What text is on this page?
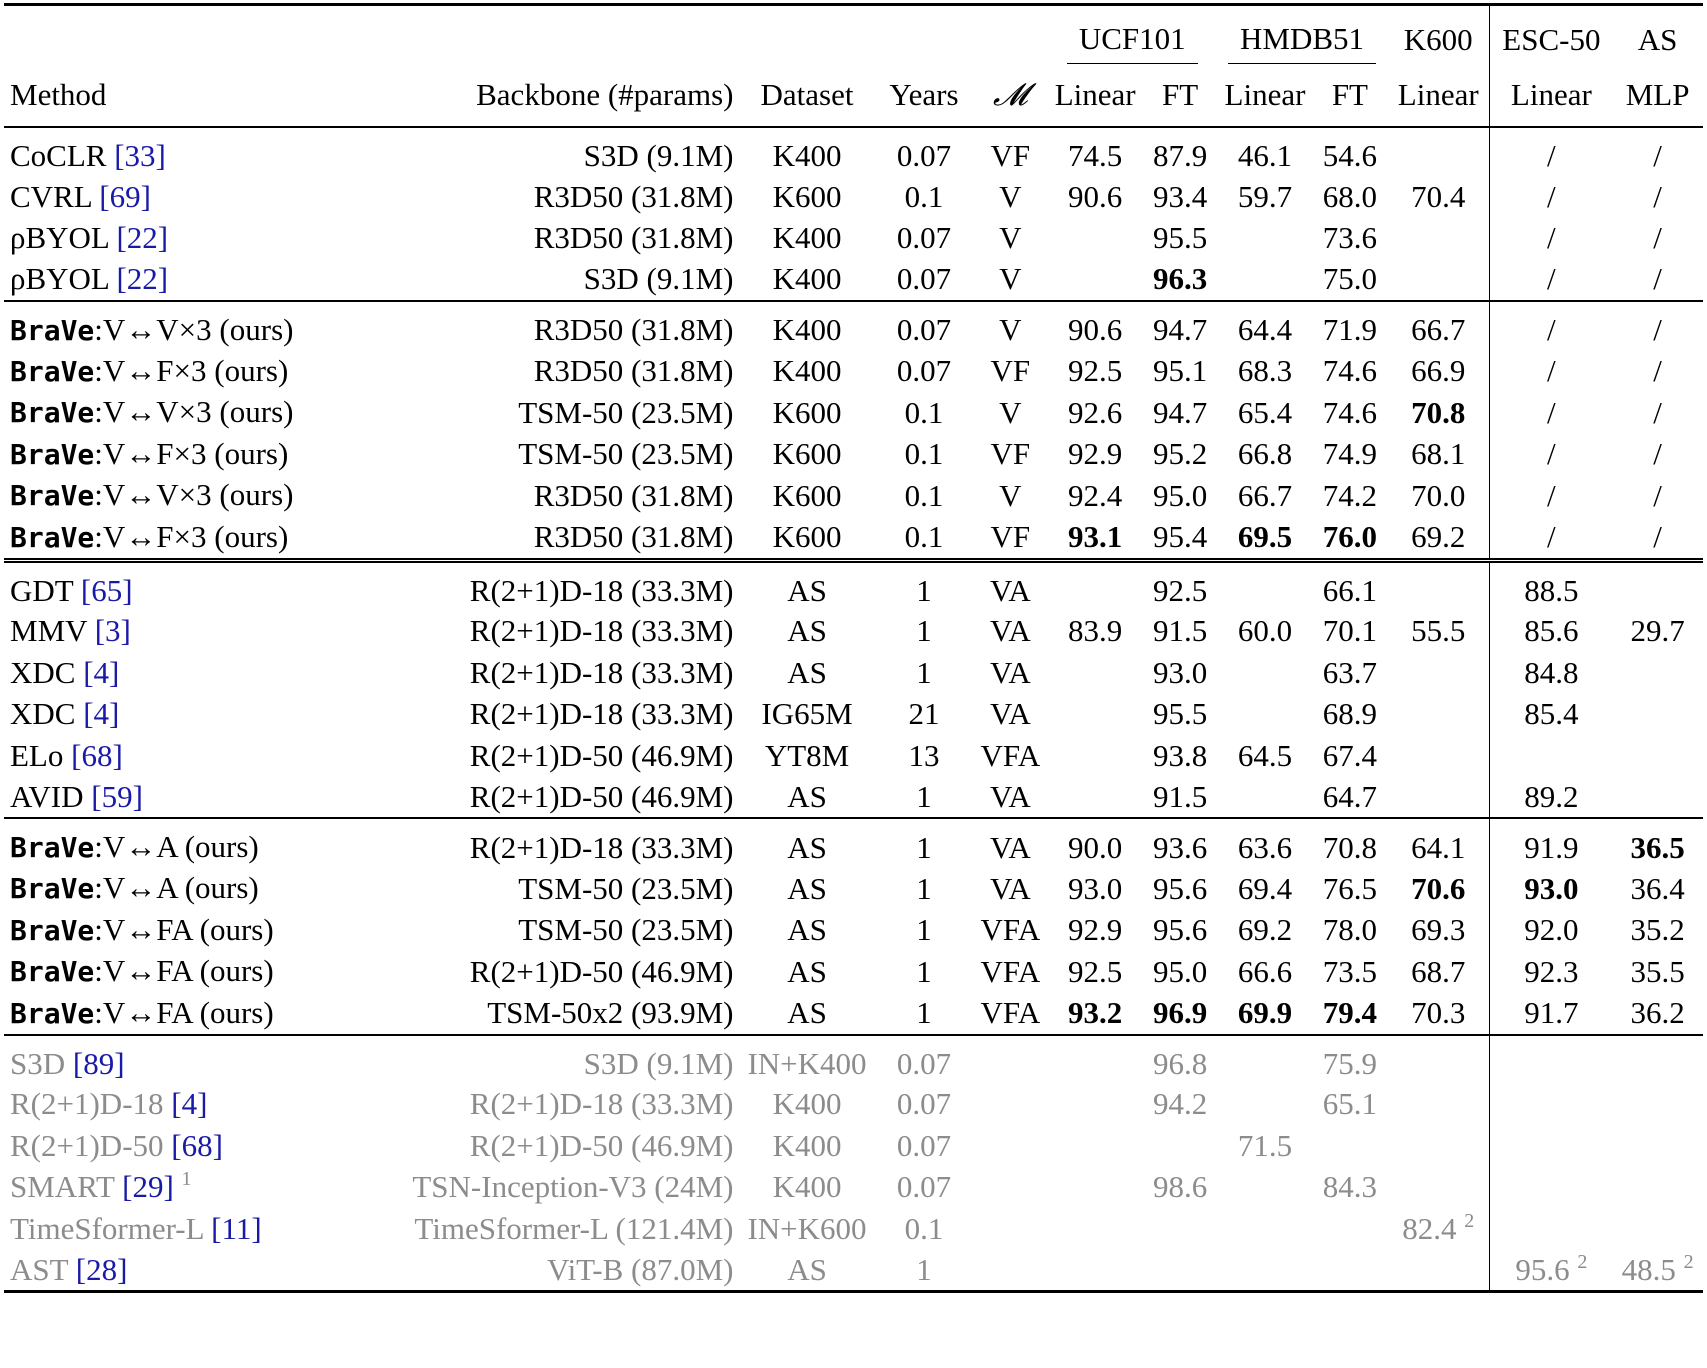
					UCF101		HMDB51		K600	ESC-50	AS
Method	Backbone (#params)	Dataset	Years	𝓜	Linear	FT	Linear	FT	Linear	Linear	MLP
CoCLR [33]	S3D (9.1M)	K400	0.07	VF	74.5	87.9	46.1	54.6		/	/
CVRL [69]	R3D50 (31.8M)	K600	0.1	V	90.6	93.4	59.7	68.0	70.4	/	/
ρBYOL [22]	R3D50 (31.8M)	K400	0.07	V		95.5		73.6		/	/
ρBYOL [22]	S3D (9.1M)	K400	0.07	V		96.3		75.0		/	/
BraVe:V↔V×3 (ours)	R3D50 (31.8M)	K400	0.07	V	90.6	94.7	64.4	71.9	66.7	/	/
BraVe:V↔F×3 (ours)	R3D50 (31.8M)	K400	0.07	VF	92.5	95.1	68.3	74.6	66.9	/	/
BraVe:V↔V×3 (ours)	TSM-50 (23.5M)	K600	0.1	V	92.6	94.7	65.4	74.6	70.8	/	/
BraVe:V↔F×3 (ours)	TSM-50 (23.5M)	K600	0.1	VF	92.9	95.2	66.8	74.9	68.1	/	/
BraVe:V↔V×3 (ours)	R3D50 (31.8M)	K600	0.1	V	92.4	95.0	66.7	74.2	70.0	/	/
BraVe:V↔F×3 (ours)	R3D50 (31.8M)	K600	0.1	VF	93.1	95.4	69.5	76.0	69.2	/	/
GDT [65]	R(2+1)D-18 (33.3M)	AS	1	VA		92.5		66.1		88.5	
MMV [3]	R(2+1)D-18 (33.3M)	AS	1	VA	83.9	91.5	60.0	70.1	55.5	85.6	29.7
XDC [4]	R(2+1)D-18 (33.3M)	AS	1	VA		93.0		63.7		84.8	
XDC [4]	R(2+1)D-18 (33.3M)	IG65M	21	VA		95.5		68.9		85.4	
ELo [68]	R(2+1)D-50 (46.9M)	YT8M	13	VFA		93.8	64.5	67.4			
AVID [59]	R(2+1)D-50 (46.9M)	AS	1	VA		91.5		64.7		89.2	
BraVe:V↔A (ours)	R(2+1)D-18 (33.3M)	AS	1	VA	90.0	93.6	63.6	70.8	64.1	91.9	36.5
BraVe:V↔A (ours)	TSM-50 (23.5M)	AS	1	VA	93.0	95.6	69.4	76.5	70.6	93.0	36.4
BraVe:V↔FA (ours)	TSM-50 (23.5M)	AS	1	VFA	92.9	95.6	69.2	78.0	69.3	92.0	35.2
BraVe:V↔FA (ours)	R(2+1)D-50 (46.9M)	AS	1	VFA	92.5	95.0	66.6	73.5	68.7	92.3	35.5
BraVe:V↔FA (ours)	TSM-50x2 (93.9M)	AS	1	VFA	93.2	96.9	69.9	79.4	70.3	91.7	36.2
S3D [89]	S3D (9.1M)	IN+K400	0.07			96.8		75.9			
R(2+1)D-18 [4]	R(2+1)D-18 (33.3M)	K400	0.07			94.2		65.1			
R(2+1)D-50 [68]	R(2+1)D-50 (46.9M)	K400	0.07				71.5				
SMART [29] $^1$	TSN-Inception-V3 (24M)	K400	0.07			98.6		84.3			
TimeSformer-L [11]	TimeSformer-L (121.4M)	IN+K600	0.1						82.4 $^2$		
AST [28]	ViT-B (87.0M)	AS	1							95.6 $^2$	48.5 $^2$
